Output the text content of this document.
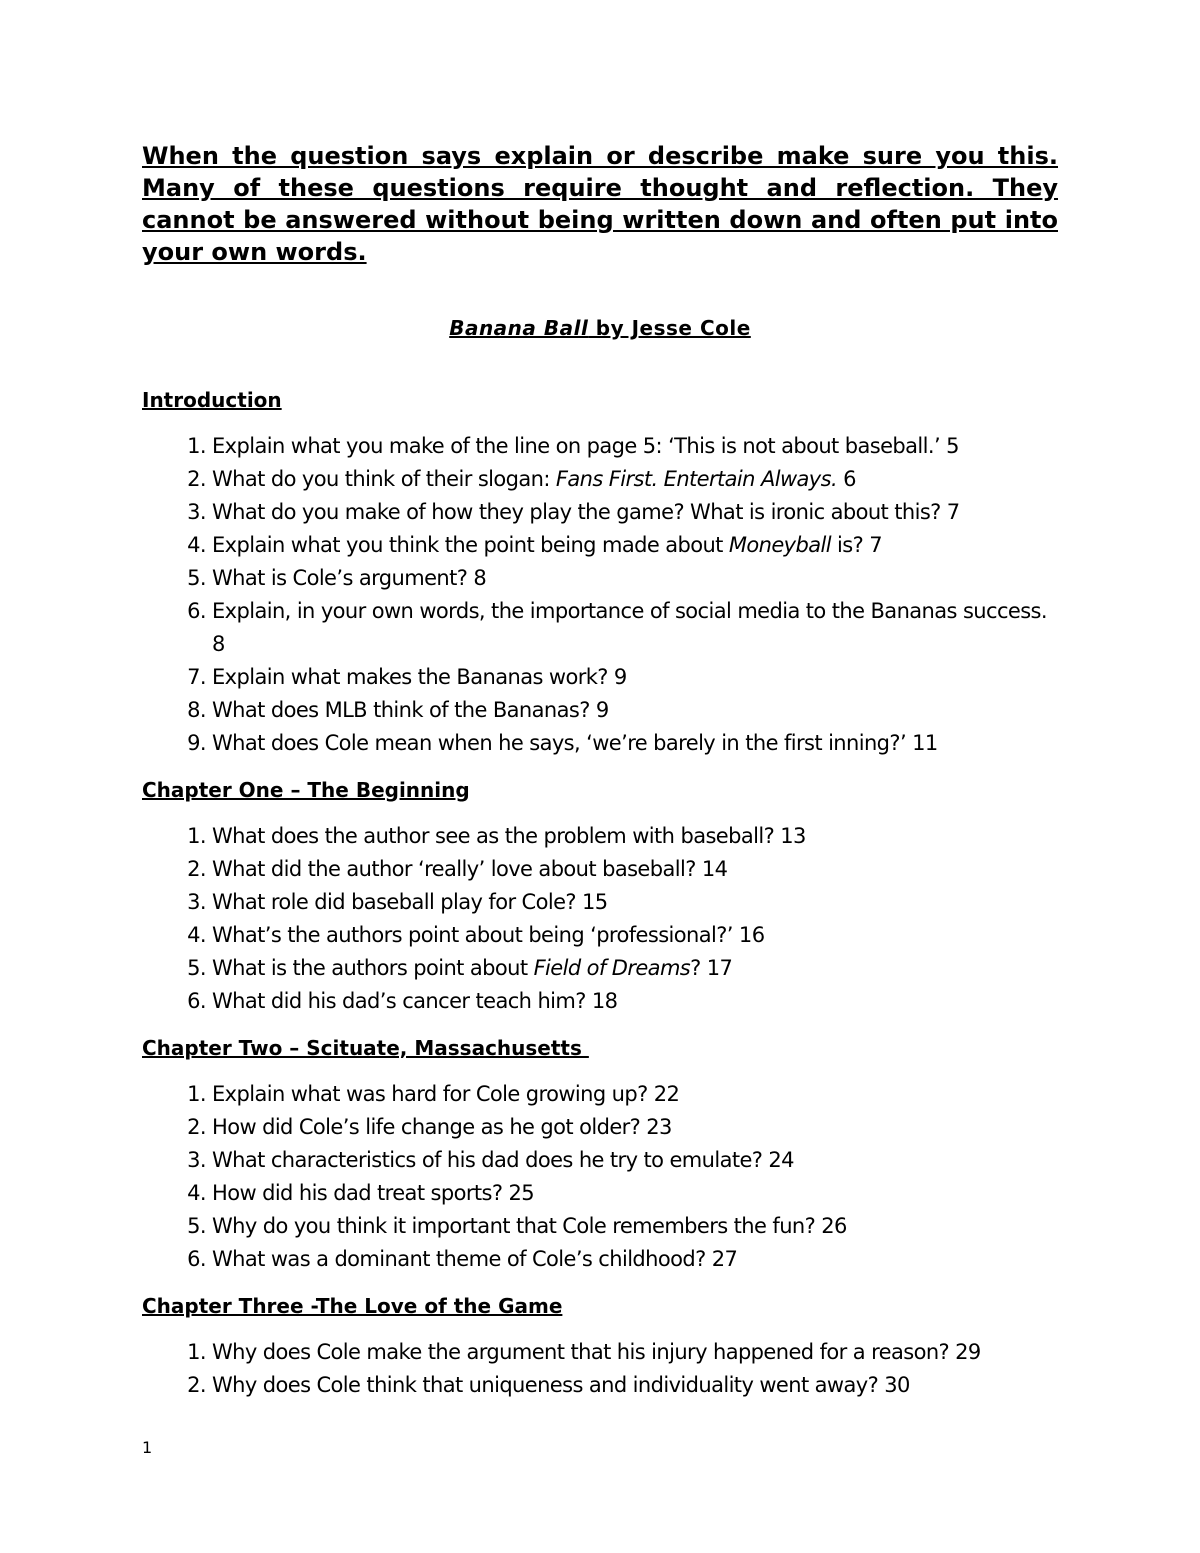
When the question says explain or describe make sure you this. Many of these questions require thought and reflection. They cannot be answered without being written down and often put into your own words.

Banana Ball by Jesse Cole

Introduction

1. Explain what you make of the line on page 5: ‘This is not about baseball.’ 5
2. What do you think of their slogan: Fans First. Entertain Always. 6
3. What do you make of how they play the game? What is ironic about this? 7
4. Explain what you think the point being made about Moneyball is? 7
5. What is Cole’s argument? 8
6. Explain, in your own words, the importance of social media to the Bananas success. 8
7. Explain what makes the Bananas work? 9
8. What does MLB think of the Bananas? 9
9. What does Cole mean when he says, ‘we’re barely in the first inning?’ 11

Chapter One – The Beginning

1. What does the author see as the problem with baseball? 13
2. What did the author ‘really’ love about baseball? 14
3. What role did baseball play for Cole? 15
4. What’s the authors point about being ‘professional?’ 16
5. What is the authors point about Field of Dreams? 17
6. What did his dad’s cancer teach him? 18

Chapter Two – Scituate, Massachusetts

1. Explain what was hard for Cole growing up? 22
2. How did Cole’s life change as he got older? 23
3. What characteristics of his dad does he try to emulate? 24
4. How did his dad treat sports? 25
5. Why do you think it important that Cole remembers the fun? 26
6. What was a dominant theme of Cole’s childhood? 27

Chapter Three -The Love of the Game

1. Why does Cole make the argument that his injury happened for a reason? 29
2. Why does Cole think that uniqueness and individuality went away? 30
1
